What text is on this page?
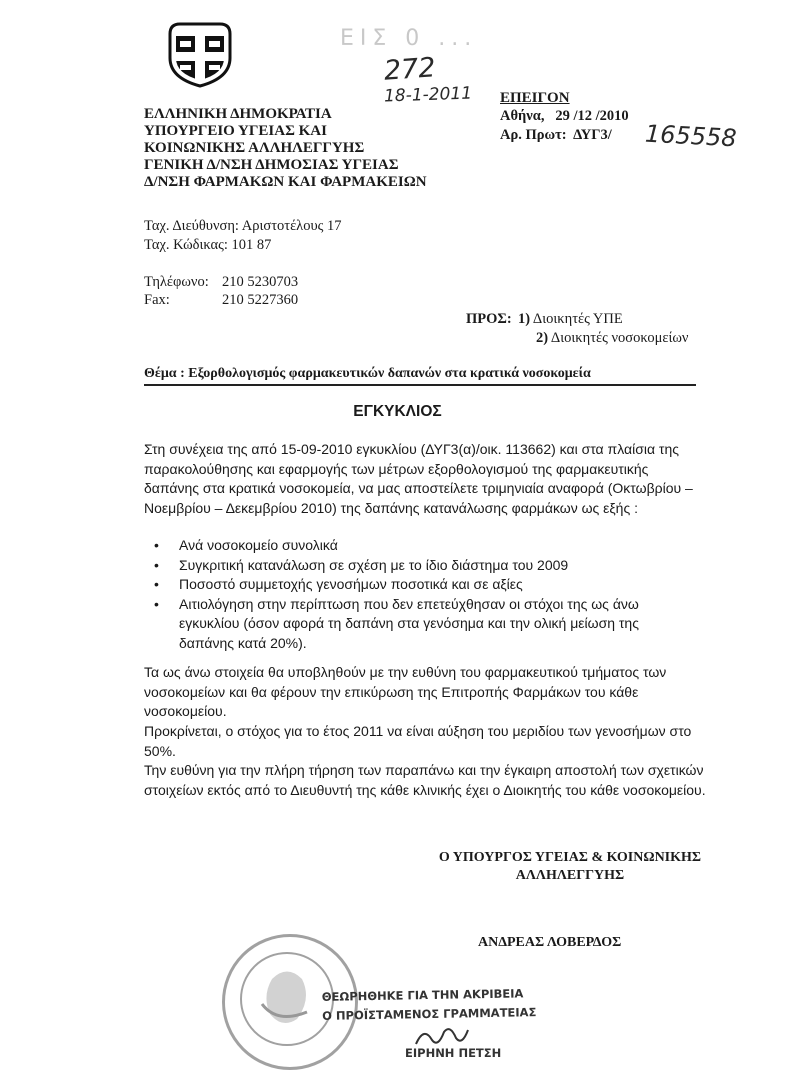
ΕΙΣ 0 ...
272
18-1-2011
ΕΛΛΗΝΙΚΗ ΔΗΜΟΚΡΑΤΙΑ
ΥΠΟΥΡΓΕΙΟ ΥΓΕΙΑΣ ΚΑΙ
ΚΟΙΝΩΝΙΚΗΣ ΑΛΛΗΛΕΓΓΥΗΣ
ΓΕΝΙΚΗ Δ/ΝΣΗ ΔΗΜΟΣΙΑΣ ΥΓΕΙΑΣ
Δ/ΝΣΗ ΦΑΡΜΑΚΩΝ ΚΑΙ ΦΑΡΜΑΚΕΙΩΝ
ΕΠΕΙΓΟΝ
Αθήνα,   29 /12 /2010
Αρ. Πρωτ:  ΔΥΓ3/ 165558
Ταχ. Διεύθυνση: Αριστοτέλους 17
Ταχ. Κώδικας: 101 87
Τηλέφωνο: 210 5230703
Fax:	210 5227360
ΠΡΟΣ: 1) Διοικητές ΥΠΕ
2) Διοικητές νοσοκομείων
Θέμα : Εξορθολογισμός φαρμακευτικών δαπανών στα κρατικά νοσοκομεία
ΕΓΚΥΚΛΙΟΣ
Στη συνέχεια της από 15-09-2010 εγκυκλίου (ΔΥΓ3(α)/οικ. 113662) και στα πλαίσια της παρακολούθησης και εφαρμογής των μέτρων εξορθολογισμού της φαρμακευτικής δαπάνης στα κρατικά νοσοκομεία, να μας αποστείλετε τριμηνιαία αναφορά (Οκτωβρίου – Νοεμβρίου – Δεκεμβρίου 2010) της δαπάνης κατανάλωσης φαρμάκων ως εξής :
• Ανά νοσοκομείο συνολικά
• Συγκριτική κατανάλωση σε σχέση με το ίδιο διάστημα του 2009
• Ποσοστό συμμετοχής γενοσήμων ποσοτικά και σε αξίες
• Αιτιολόγηση στην περίπτωση που δεν επετεύχθησαν οι στόχοι της ως άνω εγκυκλίου (όσον αφορά τη δαπάνη στα γενόσημα και την ολική μείωση της δαπάνης κατά 20%).
Τα ως άνω στοιχεία θα υποβληθούν με την ευθύνη του φαρμακευτικού τμήματος των νοσοκομείων και θα φέρουν την επικύρωση της Επιτροπής Φαρμάκων του κάθε νοσοκομείου.
Προκρίνεται, ο στόχος για το έτος 2011 να είναι αύξηση του μεριδίου των γενοσήμων στο 50%.
Την ευθύνη για την πλήρη τήρηση των παραπάνω και την έγκαιρη αποστολή των σχετικών στοιχείων εκτός από το Διευθυντή της κάθε κλινικής έχει ο Διοικητής του κάθε νοσοκομείου.
Ο ΥΠΟΥΡΓΟΣ ΥΓΕΙΑΣ & ΚΟΙΝΩΝΙΚΗΣ
ΑΛΛΗΛΕΓΓΥΗΣ
ΑΝΔΡΕΑΣ ΛΟΒΕΡΔΟΣ
ΘΕΩΡΗΘΗΚΕ ΓΙΑ ΤΗΝ ΑΚΡΙΒΕΙΑ
Ο ΠΡΟΪΣΤΑΜΕΝΟΣ ΓΡΑΜΜΑΤΕΙΑΣ
ΕΙΡΗΝΗ ΠΕΤΣΗ
